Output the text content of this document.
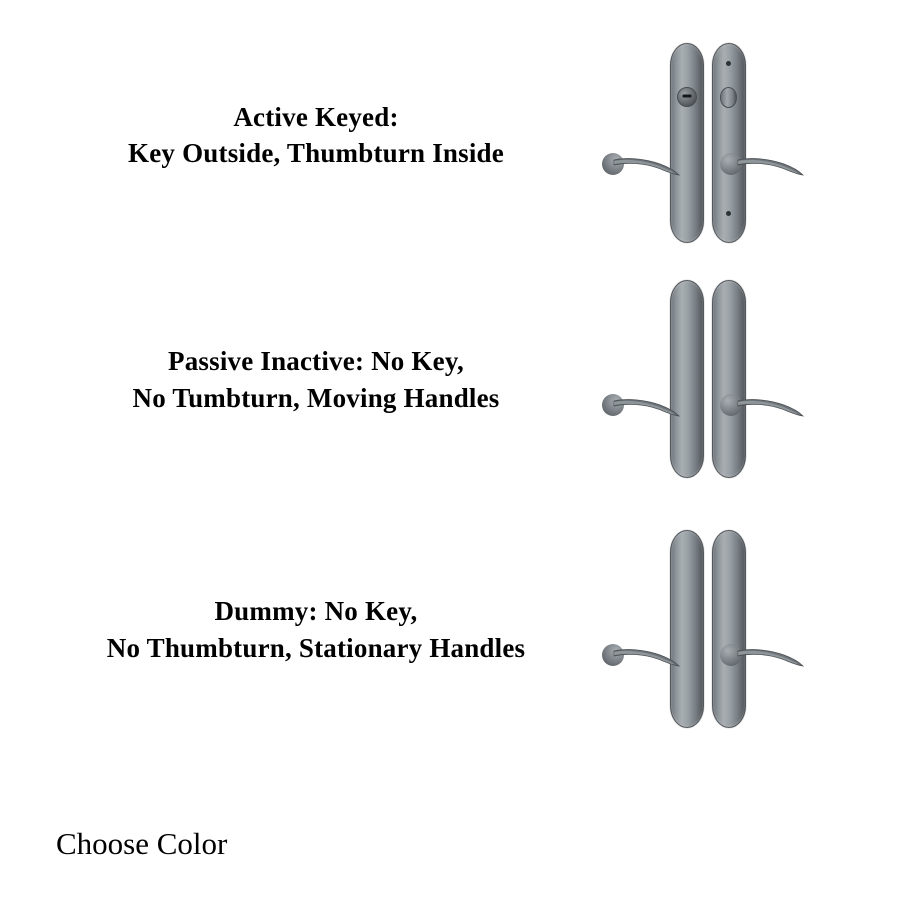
Active Keyed:
Key Outside, Thumbturn Inside
Passive Inactive: No Key,
No Tumbturn, Moving Handles
Dummy: No Key,
No Thumbturn, Stationary Handles
Choose Color
